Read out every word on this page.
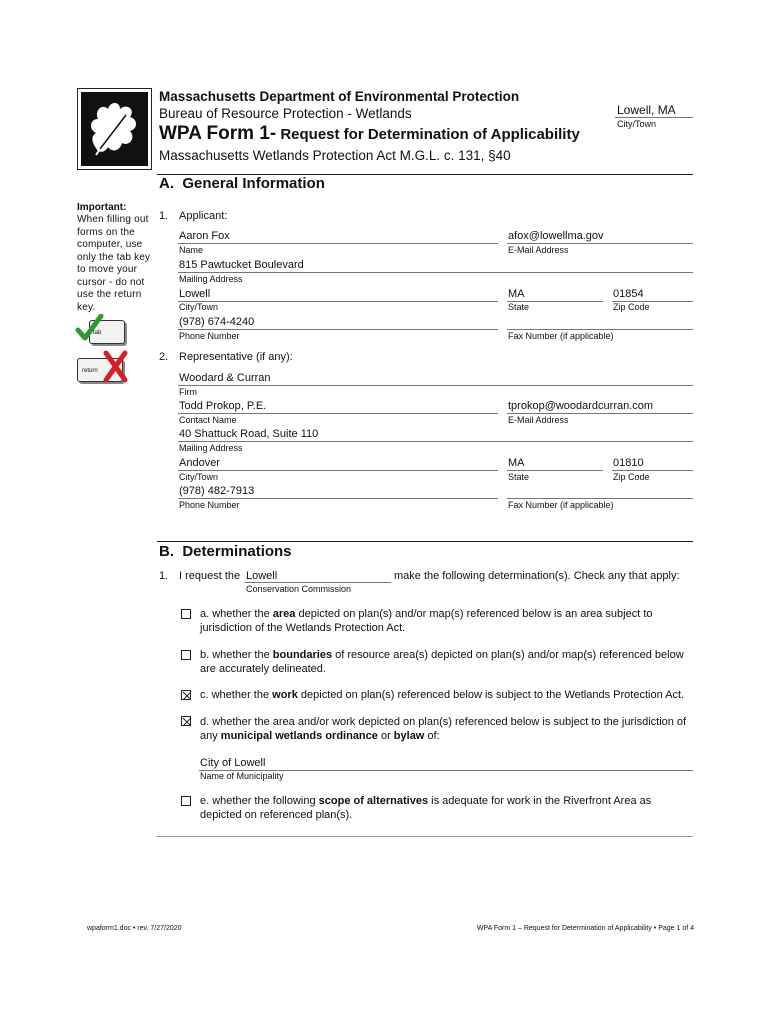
Massachusetts Department of Environmental Protection
Bureau of Resource Protection - Wetlands
WPA Form 1- Request for Determination of Applicability
Massachusetts Wetlands Protection Act M.G.L. c. 131, §40
Lowell, MA
City/Town
Important:
When filling out forms on the computer, use only the tab key to move your cursor - do not use the return key.
tab
return
A.  General Information
1. Applicant:
Aaron Fox
Name
afox@lowellma.gov
E-Mail Address
815 Pawtucket Boulevard
Mailing Address
Lowell
City/Town
MA
State
01854
Zip Code
(978) 674-4240
Phone Number	Fax Number (if applicable)
2. Representative (if any):
Woodard & Curran
Firm
Todd Prokop, P.E.
Contact Name
tprokop@woodardcurran.com
E-Mail Address
40 Shattuck Road, Suite 110
Mailing Address
Andover
City/Town
MA
State
01810
Zip Code
(978) 482-7913
Phone Number	Fax Number (if applicable)
B.  Determinations
1. I request the Lowell	make the following determination(s). Check any that apply:
Conservation Commission
a. whether the area depicted on plan(s) and/or map(s) referenced below is an area subject to jurisdiction of the Wetlands Protection Act.
b. whether the boundaries of resource area(s) depicted on plan(s) and/or map(s) referenced below are accurately delineated.
c. whether the work depicted on plan(s) referenced below is subject to the Wetlands Protection Act.
d. whether the area and/or work depicted on plan(s) referenced below is subject to the jurisdiction of any municipal wetlands ordinance or bylaw of:
City of Lowell
Name of Municipality
e. whether the following scope of alternatives is adequate for work in the Riverfront Area as depicted on referenced plan(s).
wpaform1.doc • rev. 7/27/2020	WPA Form 1 – Request for Determination of Applicability • Page 1 of 4
